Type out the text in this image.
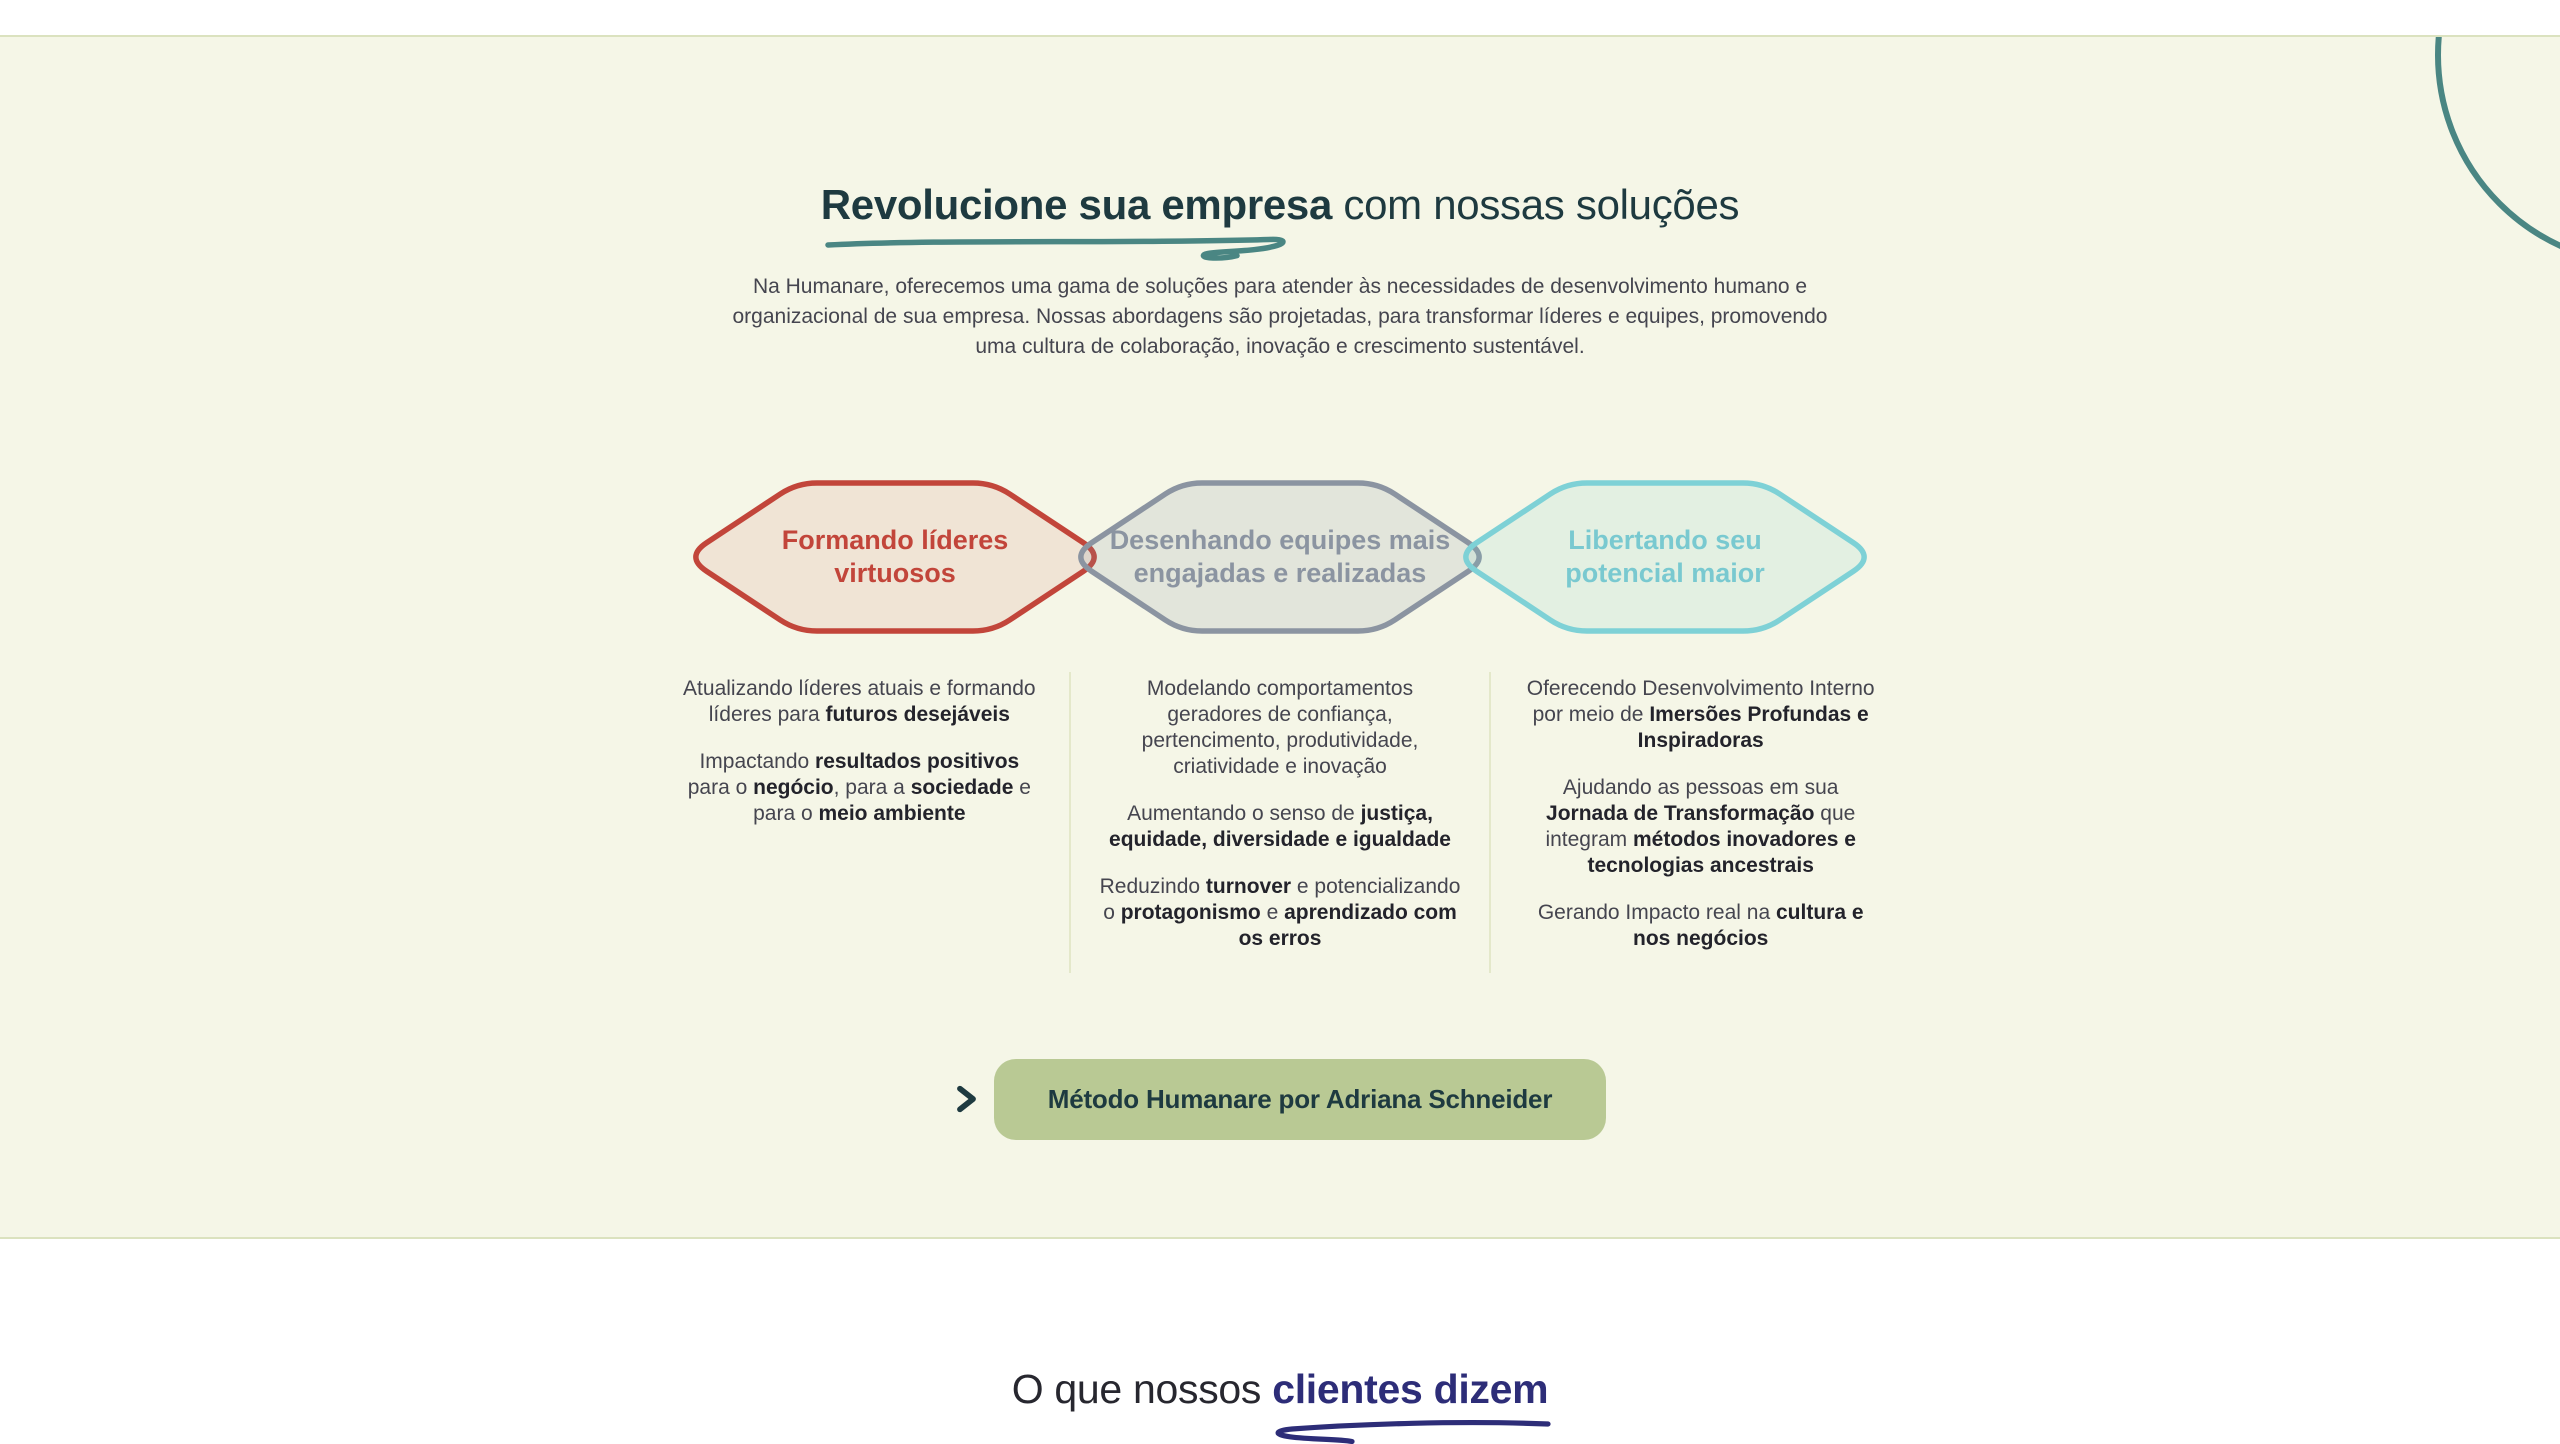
Revolucione sua empresa com nossas soluções

Na Humanare, oferecemos uma gama de soluções para atender às necessidades de desenvolvimento humano e organizacional de sua empresa. Nossas abordagens são projetadas, para transformar líderes e equipes, promovendo uma cultura de colaboração, inovação e crescimento sustentável.

Formando líderes
virtuosos
Desenhando equipes mais
engajadas e realizadas
Libertando seu
potencial maior

Atualizando líderes atuais e formando líderes para futuros desejáveis

Impactando resultados positivos para o negócio, para a sociedade e para o meio ambiente

Modelando comportamentos geradores de confiança, pertencimento, produtividade, criatividade e inovação

Aumentando o senso de justiça, equidade, diversidade e igualdade

Reduzindo turnover e potencializando o protagonismo e aprendizado com os erros

Oferecendo Desenvolvimento Interno por meio de Imersões Profundas e Inspiradoras

Ajudando as pessoas em sua Jornada de Transformação que integram métodos inovadores e tecnologias ancestrais

Gerando Impacto real na cultura e nos negócios

Método Humanare por Adriana Schneider
O que nossos clientes dizem
